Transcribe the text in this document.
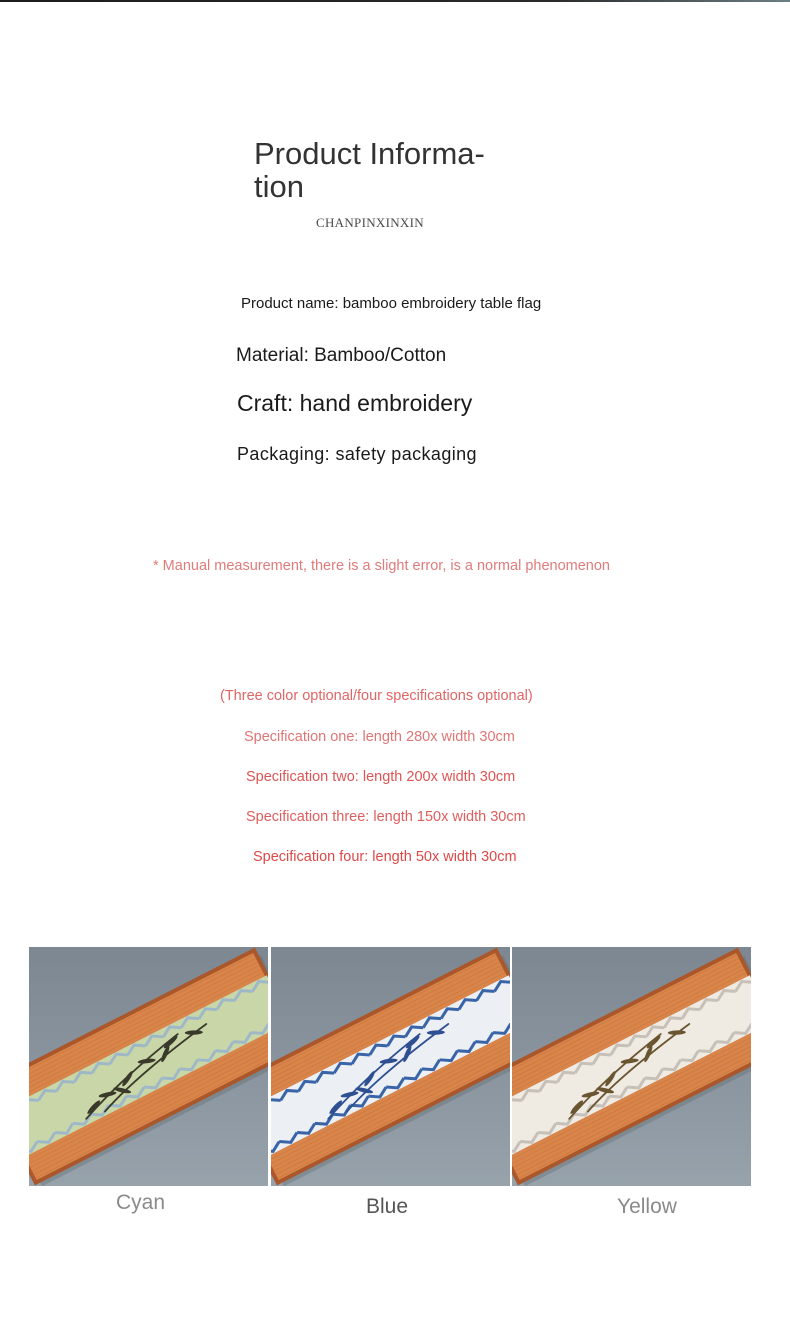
Product Informa-
tion
CHANPINXINXIN
Product name: bamboo embroidery table flag
Material: Bamboo/Cotton
Craft: hand embroidery
Packaging: safety packaging
* Manual measurement, there is a slight error, is a normal phenomenon
(Three color optional/four specifications optional)
Specification one: length 280x width 30cm
Specification two: length 200x width 30cm
Specification three: length 150x width 30cm
Specification four: length 50x width 30cm
Cyan	Blue	Yellow
